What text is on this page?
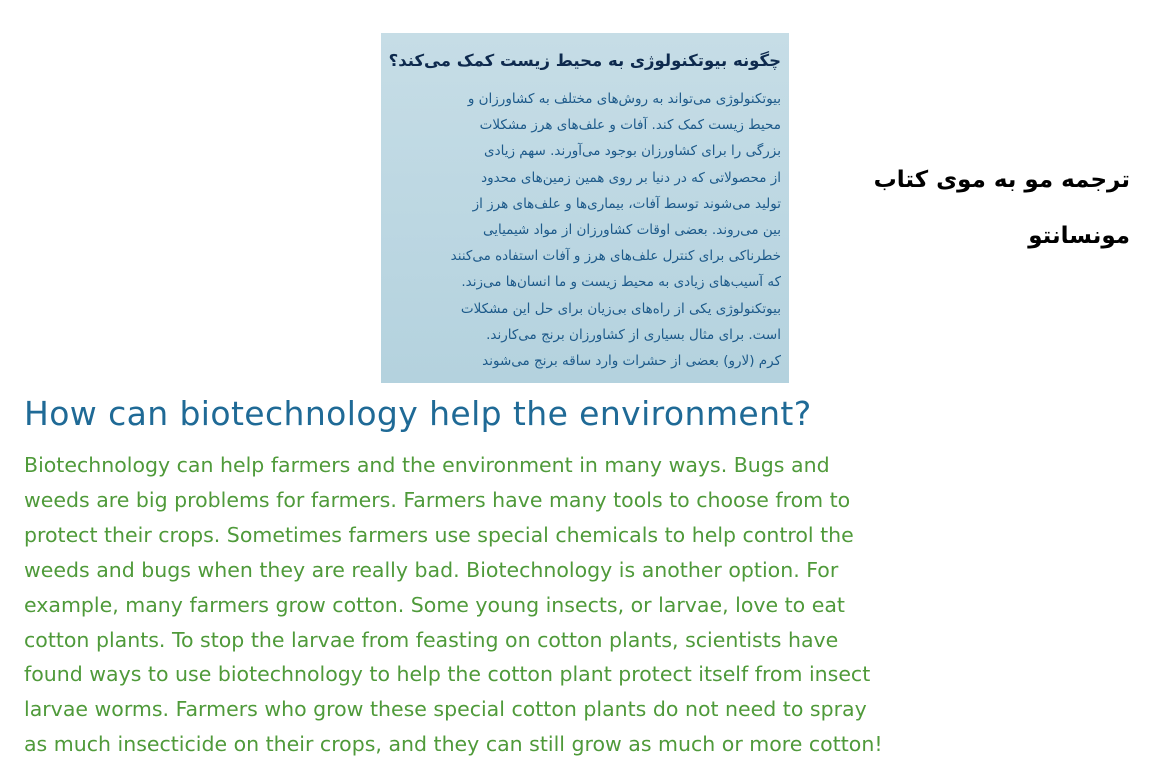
چگونه بیوتکنولوژی به محیط زیست کمک می‌کند؟
بیوتکنولوژی می‌تواند به روش‌های مختلف به کشاورزان و
محیط زیست کمک کند. آفات و علف‌های هرز مشکلات
بزرگی را برای کشاورزان بوجود می‌آورند. سهم زیادی
از محصولاتی که در دنیا بر روی همین زمین‌های محدود
تولید می‌شوند توسط آفات، بیماری‌ها و علف‌های هرز از
بین می‌روند. بعضی اوقات کشاورزان از مواد شیمیایی
خطرناکی برای کنترل علف‌های هرز و آفات استفاده می‌کنند
که آسیب‌های زیادی به محیط زیست و ما انسان‌ها می‌زند.
بیوتکنولوژی یکی از راه‌های بی‌زیان برای حل این مشکلات
است. برای مثال بسیاری از کشاورزان برنج می‌کارند.
کرم (لارو) بعضی از حشرات وارد ساقه برنج می‌شوند
ترجمه مو به موی کتاب
مونسانتو
How can biotechnology help the environment?
Biotechnology can help farmers and the environment in many ways. Bugs and
weeds are big problems for farmers. Farmers have many tools to choose from to
protect their crops. Sometimes farmers use special chemicals to help control the
weeds and bugs when they are really bad. Biotechnology is another option. For
example, many farmers grow cotton. Some young insects, or larvae, love to eat
cotton plants. To stop the larvae from feasting on cotton plants, scientists have
found ways to use biotechnology to help the cotton plant protect itself from insect
larvae worms. Farmers who grow these special cotton plants do not need to spray
as much insecticide on their crops, and they can still grow as much or more cotton!
